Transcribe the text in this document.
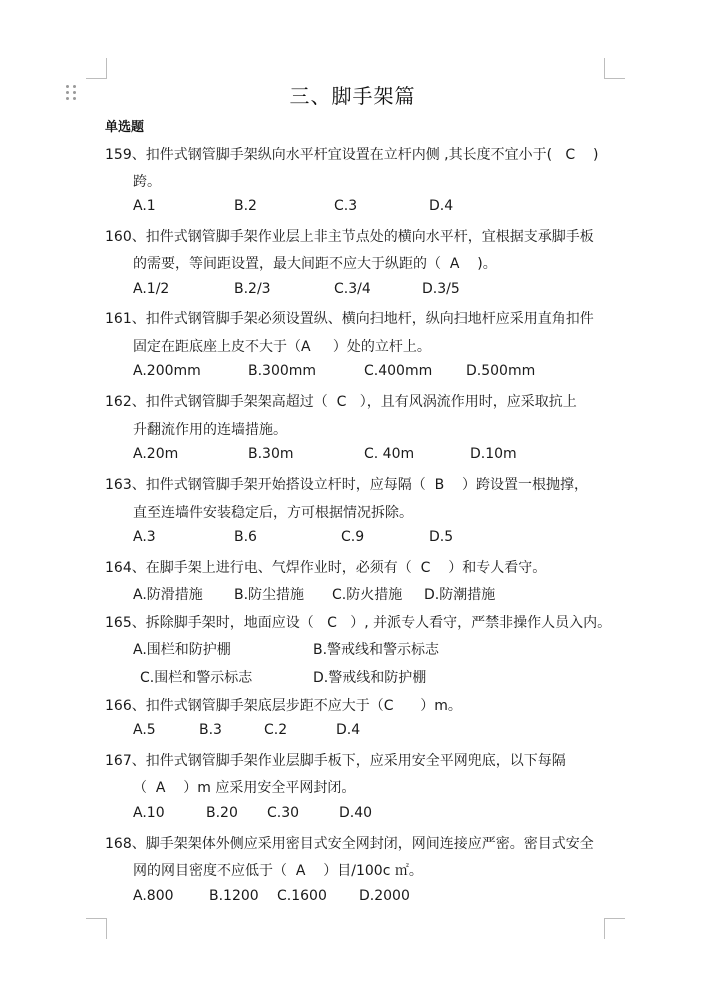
三、脚手架篇
单选题
159、扣件式钢管脚手架纵向水平杆宜设置在立杆内侧 ,其长度不宜小于(   C    )
跨。
A.1	B.2	C.3	D.4
160、扣件式钢管脚手架作业层上非主节点处的横向水平杆，宜根据支承脚手板
的需要，等间距设置，最大间距不应大于纵距的（  A    )。
A.1/2	B.2/3	C.3/4	D.3/5
161、扣件式钢管脚手架必须设置纵、横向扫地杆，纵向扫地杆应采用直角扣件
固定在距底座上皮不大于（A     ）处的立杆上。
A.200mm	B.300mm	C.400mm D.500mm
162、扣件式钢管脚手架架高超过（  C   ），且有风涡流作用时，应采取抗上
升翻流作用的连墙措施。
A.20m	B.30m	C. 40m	D.10m
163、扣件式钢管脚手架开始搭设立杆时，应每隔（  B    ）跨设置一根抛撑，
直至连墙件安装稳定后，方可根据情况拆除。
A.3	B.6	C.9	D.5
164、在脚手架上进行电、气焊作业时，必须有（  C    ）和专人看守。
A.防滑措施 B.防尘措施 C.防火措施 D.防潮措施
165、拆除脚手架时，地面应设（   C   ）, 并派专人看守，严禁非操作人员入内。
A.围栏和防护棚	B.警戒线和警示标志
C.围栏和警示标志	D.警戒线和防护棚
166、扣件式钢管脚手架底层步距不应大于（C      ）m。
A.5	B.3	C.2	D.4
167、扣件式钢管脚手架作业层脚手板下，应采用安全平网兜底，以下每隔
（  A    ）m 应采用安全平网封闭。
A.10	B.20 C.30	D.40
168、脚手架架体外侧应采用密目式安全网封闭，网间连接应严密。密目式安全
网的网目密度不应低于（  A    ）目/100c ㎡。
A.800	B.1200 C.1600 D.2000
